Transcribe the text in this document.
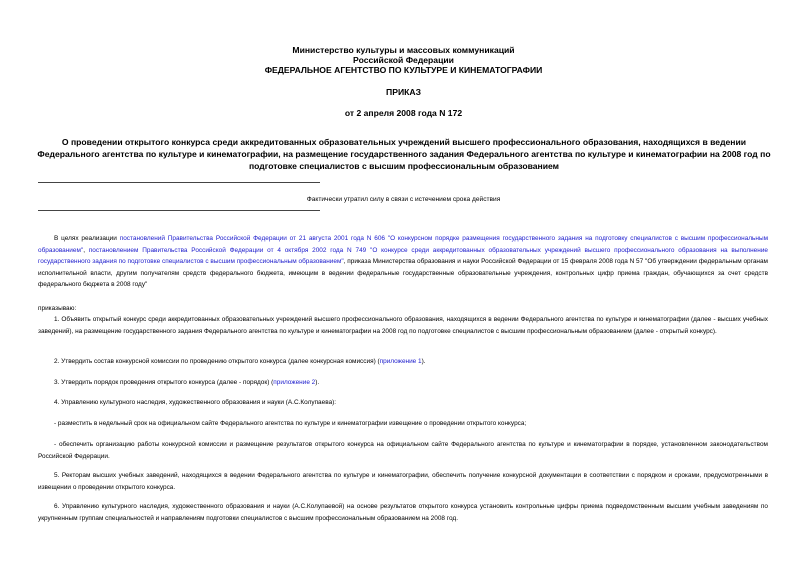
Министерство культуры и массовых коммуникаций
Российской Федерации
ФЕДЕРАЛЬНОЕ АГЕНТСТВО ПО КУЛЬТУРЕ И КИНЕМАТОГРАФИИ
ПРИКАЗ
от 2 апреля 2008 года N 172
О проведении открытого конкурса среди аккредитованных образовательных учреждений высшего профессионального образования, находящихся в ведении Федерального агентства по культуре и кинематографии, на размещение государственного задания Федерального агентства по культуре и кинематографии на 2008 год по подготовке специалистов с высшим профессиональным образованием
Фактически утратил силу в связи с истечением срока действия
В целях реализации постановлений Правительства Российской Федерации от 21 августа 2001 года N 606 "О конкурсном порядке размещения государственного задания на подготовку специалистов с высшим профессиональным образованием", постановлением Правительства Российской Федерации от 4 октября 2002 года N 749 "О конкурсе среди аккредитованных образовательных учреждений высшего профессионального образования на выполнение государственного задания по подготовке специалистов с высшим профессиональным образованием", приказа Министерства образования и науки Российской Федерации от 15 февраля 2008 года N 57 "Об утверждении федеральным органам исполнительной власти, другим получателям средств федерального бюджета, имеющим в ведении федеральные государственные образовательные учреждения, контрольных цифр приема граждан, обучающихся за счет средств федерального бюджета в 2008 году"
приказываю:
1. Объявить открытый конкурс среди аккредитованных образовательных учреждений высшего профессионального образования, находящихся в ведении Федерального агентства по культуре и кинематографии (далее - высших учебных заведений), на размещение государственного задания Федерального агентства по культуре и кинематографии на 2008 год по подготовке специалистов с высшим профессиональным образованием (далее - открытый конкурс).
2. Утвердить состав конкурсной комиссии по проведению открытого конкурса (далее конкурсная комиссия) (приложение 1).
3. Утвердить порядок проведения открытого конкурса (далее - порядок) (приложение 2).
4. Управлению культурного наследия, художественного образования и науки (А.С.Колупаева):
- разместить в недельный срок на официальном сайте Федерального агентства по культуре и кинематографии извещение о проведении открытого конкурса;
- обеспечить организацию работы конкурсной комиссии и размещение результатов открытого конкурса на официальном сайте Федерального агентства по культуре и кинематографии в порядке, установленном законодательством Российской Федерации.
5. Ректорам высших учебных заведений, находящихся в ведении Федерального агентства по культуре и кинематографии, обеспечить получение конкурсной документации в соответствии с порядком и сроками, предусмотренными в извещении о проведении открытого конкурса.
6. Управлению культурного наследия, художественного образования и науки (А.С.Колупаевой) на основе результатов открытого конкурса установить контрольные цифры приема подведомственным высшим учебным заведениям по укрупненным группам специальностей и направлениям подготовки специалистов с высшим профессиональным образованием на 2008 год.
